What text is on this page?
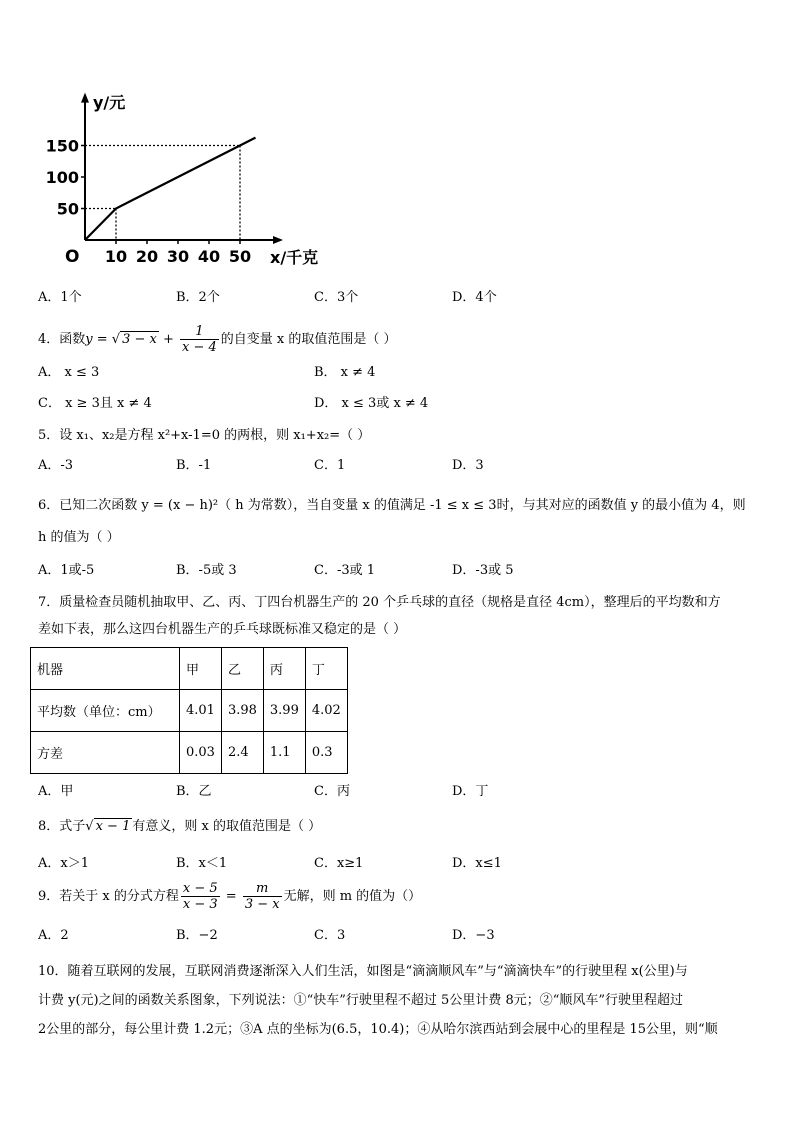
10 20 30 40 50
50
100
150
y/元
x/千克
O
A．1个	B．2个	C．3个	D．4个
4．函数y = √ $3 - x + \frac{1}{x - 4}$ 的自变量 x 的取值范围是（ ）
A． x ≤ 3	B． x ≠ 4
C． x ≥ 3且 x ≠ 4	D． x ≤ 3或 x ≠ 4
5．设 x₁、x₂是方程 x²+x-1=0 的两根，则 x₁+x₂=（ ）
A．-3	B．-1	C．1	D．3
6．已知二次函数 y = (x − h)²（ h 为常数），当自变量 x 的值满足 -1 ≤ x ≤ 3时，与其对应的函数值 y 的最小值为 4，则
h 的值为（ ）
A．1或-5	B．-5或 3	C．-3或 1	D．-3或 5
7．质量检查员随机抽取甲、乙、丙、丁四台机器生产的 20 个乒乓球的直径（规格是直径 4cm），整理后的平均数和方
差如下表，那么这四台机器生产的乒乓球既标准又稳定的是（ ）
机器	甲	乙	丙	丁
平均数（单位：cm）	4.01	3.98	3.99	4.02
方差	0.03	2.4	1.1	0.3
A．甲	B．乙	C．丙	D．丁
8．式子√ x − 1 有意义，则 x 的取值范围是（ ）
A．x＞1	B．x＜1	C．x≥1	D．x≤1
9．若关于 x 的分式方程 $\frac{x - 5}{x - 3} = \frac{m}{3 - x}$ 无解，则 m 的值为（）
A．2	B．−2	C．3	D．−3
10．随着互联网的发展，互联网消费逐渐深入人们生活，如图是“滴滴顺风车”与“滴滴快车”的行驶里程 x(公里)与
计费 y(元)之间的函数关系图象，下列说法：①“快车”行驶里程不超过 5公里计费 8元；②“顺风车”行驶里程超过
2公里的部分，每公里计费 1.2元；③A 点的坐标为(6.5，10.4)；④从哈尔滨西站到会展中心的里程是 15公里，则“顺
